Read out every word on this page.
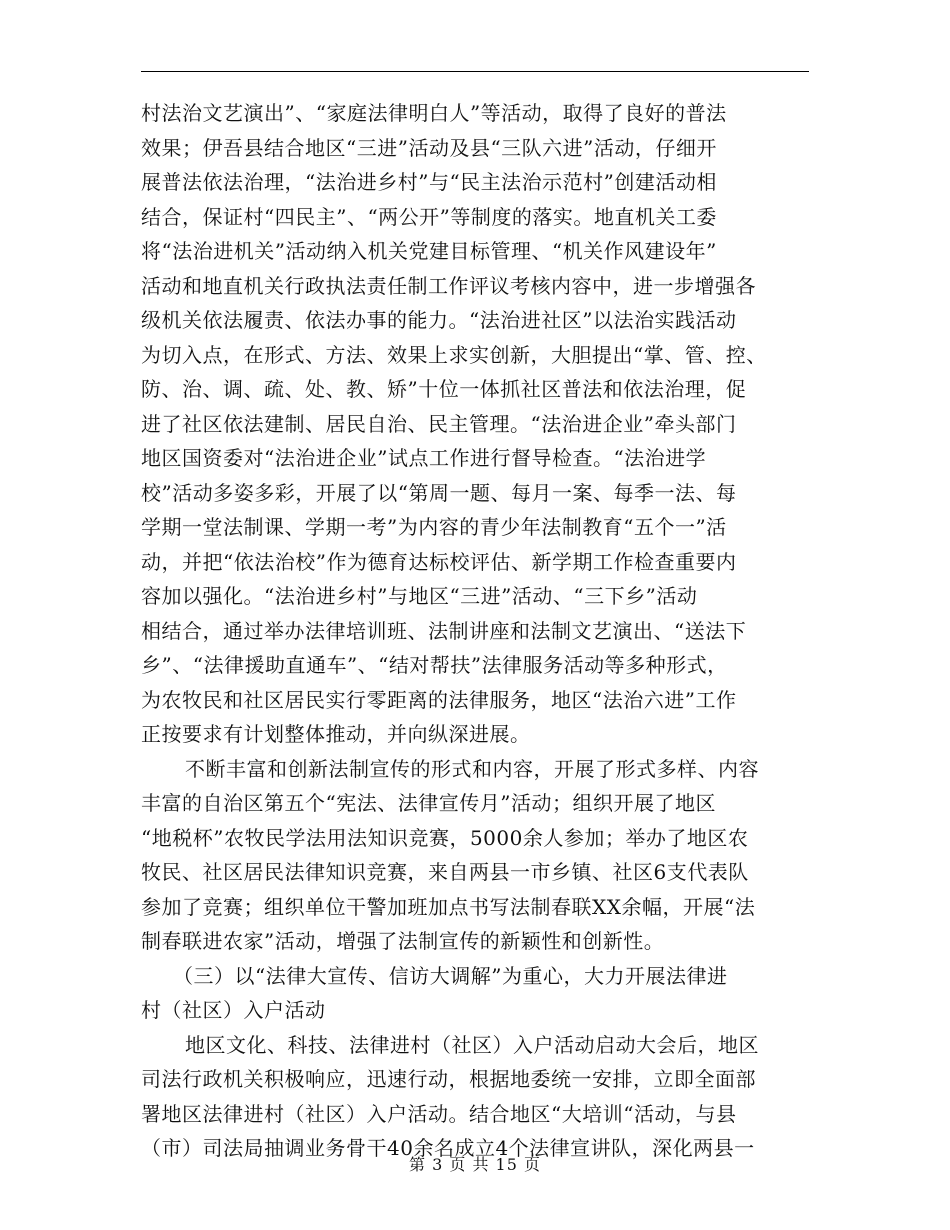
村法治文艺演出”、“家庭法律明白人”等活动，取得了良好的普法
效果；伊吾县结合地区“三进”活动及县“三队六进”活动，仔细开
展普法依法治理，“法治进乡村”与“民主法治示范村”创建活动相
结合，保证村“四民主”、“两公开”等制度的落实。地直机关工委
将“法治进机关”活动纳入机关党建目标管理、“机关作风建设年”
活动和地直机关行政执法责任制工作评议考核内容中，进一步增强各
级机关依法履责、依法办事的能力。“法治进社区”以法治实践活动
为切入点，在形式、方法、效果上求实创新，大胆提出“掌、管、控、
防、治、调、疏、处、教、矫”十位一体抓社区普法和依法治理，促
进了社区依法建制、居民自治、民主管理。“法治进企业”牵头部门
地区国资委对“法治进企业”试点工作进行督导检查。“法治进学
校”活动多姿多彩，开展了以“第周一题、每月一案、每季一法、每
学期一堂法制课、学期一考”为内容的青少年法制教育“五个一”活
动，并把“依法治校”作为德育达标校评估、新学期工作检查重要内
容加以强化。“法治进乡村”与地区“三进”活动、“三下乡”活动
相结合，通过举办法律培训班、法制讲座和法制文艺演出、“送法下
乡”、“法律援助直通车”、“结对帮扶”法律服务活动等多种形式，
为农牧民和社区居民实行零距离的法律服务，地区“法治六进”工作
正按要求有计划整体推动，并向纵深进展。
不断丰富和创新法制宣传的形式和内容，开展了形式多样、内容
丰富的自治区第五个“宪法、法律宣传月”活动；组织开展了地区
“地税杯”农牧民学法用法知识竞赛，5000余人参加；举办了地区农
牧民、社区居民法律知识竞赛，来自两县一市乡镇、社区6支代表队
参加了竞赛；组织单位干警加班加点书写法制春联XX余幅，开展“法
制春联进农家”活动，增强了法制宣传的新颖性和创新性。
（三）以“法律大宣传、信访大调解”为重心，大力开展法律进
村（社区）入户活动
地区文化、科技、法律进村（社区）入户活动启动大会后，地区
司法行政机关积极响应，迅速行动，根据地委统一安排，立即全面部
署地区法律进村（社区）入户活动。结合地区“大培训“活动，与县
（市）司法局抽调业务骨干40余名成立4个法律宣讲队，深化两县一
第 3 页 共 15 页
